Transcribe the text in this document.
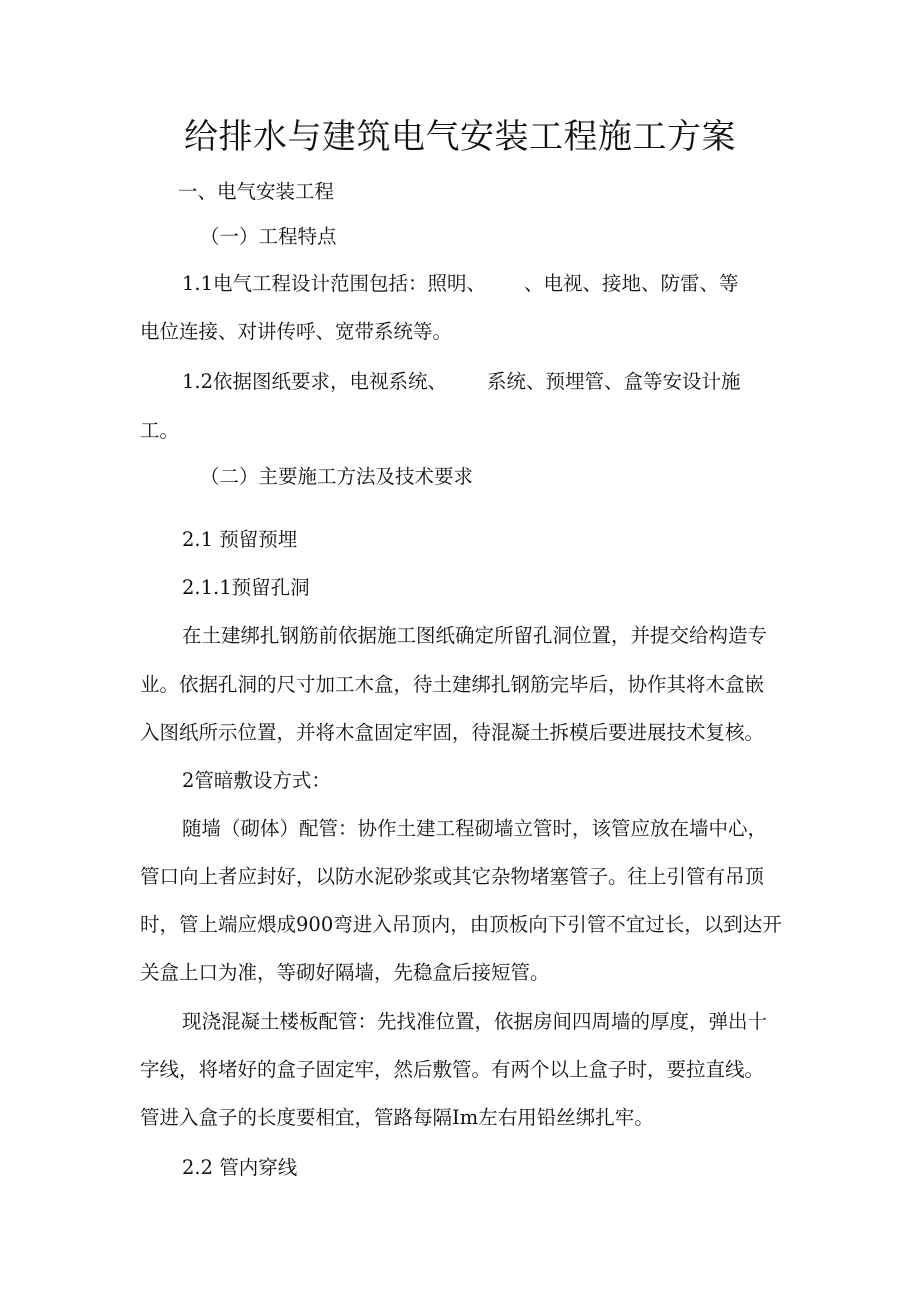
给排水与建筑电气安装工程施工方案

一、电气安装工程

（一）工程特点

1.1电气工程设计范围包括：照明、 、电视、接地、防雷、等

电位连接、对讲传呼、宽带系统等。

1.2依据图纸要求，电视系统、 系统、预埋管、盒等安设计施

工。

（二）主要施工方法及技术要求

2.1 预留预埋

2.1.1预留孔洞

在土建绑扎钢筋前依据施工图纸确定所留孔洞位置，并提交给构造专

业。依据孔洞的尺寸加工木盒，待土建绑扎钢筋完毕后，协作其将木盒嵌

入图纸所示位置，并将木盒固定牢固，待混凝土拆模后要进展技术复核。

2管暗敷设方式：

随墙（砌体）配管：协作土建工程砌墙立管时，该管应放在墙中心，

管口向上者应封好，以防水泥砂浆或其它杂物堵塞管子。往上引管有吊顶

时，管上端应煨成900弯进入吊顶内，由顶板向下引管不宜过长，以到达开

关盒上口为准，等砌好隔墙，先稳盒后接短管。

现浇混凝土楼板配管：先找准位置，依据房间四周墙的厚度，弹出十

字线，将堵好的盒子固定牢，然后敷管。有两个以上盒子时，要拉直线。

管进入盒子的长度要相宜，管路每隔Im左右用铅丝绑扎牢。

2.2 管内穿线
